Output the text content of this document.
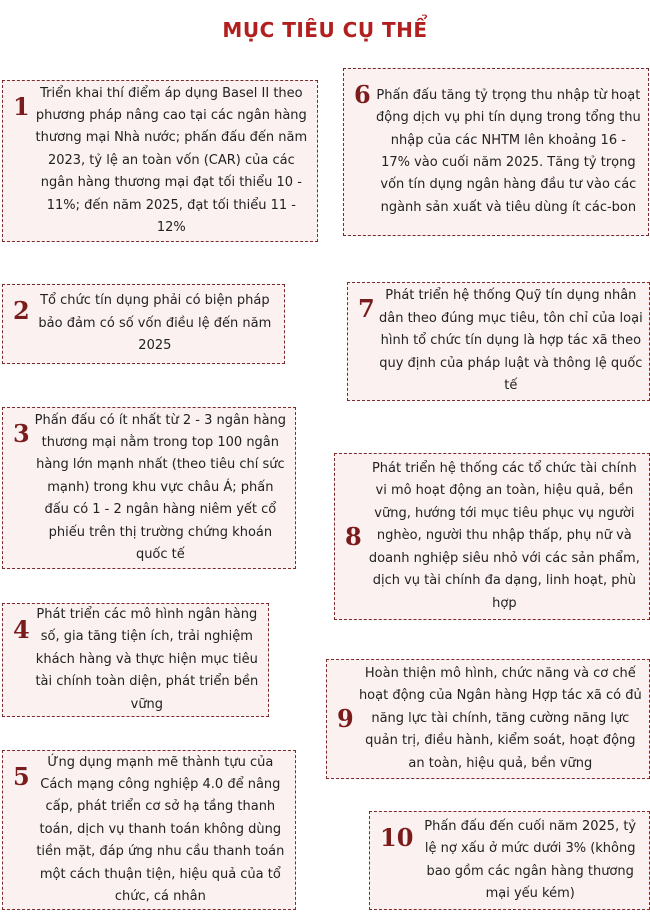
MỤC TIÊU CỤ THỂ
1 Triển khai thí điểm áp dụng Basel II theo phương pháp nâng cao tại các ngân hàng thương mại Nhà nước; phấn đấu đến năm 2023, tỷ lệ an toàn vốn (CAR) của các ngân hàng thương mại đạt tối thiểu 10 - 11%; đến năm 2025, đạt tối thiểu 11 - 12%
2 Tổ chức tín dụng phải có biện pháp bảo đảm có số vốn điều lệ đến năm 2025
3 Phấn đấu có ít nhất từ 2 - 3 ngân hàng thương mại nằm trong top 100 ngân hàng lớn mạnh nhất (theo tiêu chí sức mạnh) trong khu vực châu Á; phấn đấu có 1 - 2 ngân hàng niêm yết cổ phiếu trên thị trường chứng khoán quốc tế
4
Phát triển các mô hình ngân hàng số, gia tăng tiện ích, trải nghiệm khách hàng và thực hiện mục tiêu tài chính toàn diện, phát triển bền vững
5	Ứng dụng mạnh mẽ thành tựu của Cách mạng công nghiệp 4.0 để nâng cấp, phát triển cơ sở hạ tầng thanh toán, dịch vụ thanh toán không dùng tiền mặt, đáp ứng nhu cầu thanh toán một cách thuận tiện, hiệu quả của tổ chức, cá nhân
6 Phấn đấu tăng tỷ trọng thu nhập từ hoạt động dịch vụ phi tín dụng trong tổng thu nhập của các NHTM lên khoảng 16 - 17% vào cuối năm 2025. Tăng tỷ trọng vốn tín dụng ngân hàng đầu tư vào các ngành sản xuất và tiêu dùng ít các-bon
7 Phát triển hệ thống Quỹ tín dụng nhân dân theo đúng mục tiêu, tôn chỉ của loại hình tổ chức tín dụng là hợp tác xã theo quy định của pháp luật và thông lệ quốc tế
8
Phát triển hệ thống các tổ chức tài chính vi mô hoạt động an toàn, hiệu quả, bền vững, hướng tới mục tiêu phục vụ người nghèo, người thu nhập thấp, phụ nữ và doanh nghiệp siêu nhỏ với các sản phẩm, dịch vụ tài chính đa dạng, linh hoạt, phù hợp
9
Hoàn thiện mô hình, chức năng và cơ chế hoạt động của Ngân hàng Hợp tác xã có đủ năng lực tài chính, tăng cường năng lực quản trị, điều hành, kiểm soát, hoạt động an toàn, hiệu quả, bền vững
10 Phấn đấu đến cuối năm 2025, tỷ lệ nợ xấu ở mức dưới 3% (không bao gồm các ngân hàng thương mại yếu kém)
